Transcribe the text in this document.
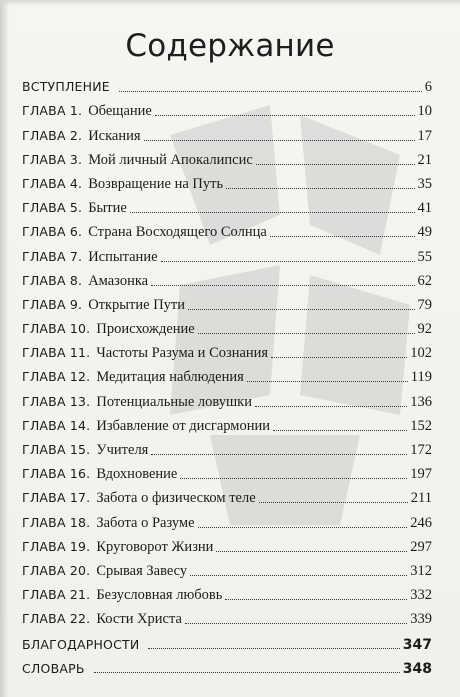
Содержание
ВСТУПЛЕНИЕ	6
ГЛАВА 1. Обещание	10
ГЛАВА 2. Искания	17
ГЛАВА 3. Мой личный Апокалипсис	21
ГЛАВА 4. Возвращение на Путь	35
ГЛАВА 5. Бытие	41
ГЛАВА 6. Страна Восходящего Солнца	49
ГЛАВА 7. Испытание	55
ГЛАВА 8. Амазонка	62
ГЛАВА 9. Открытие Пути	79
ГЛАВА 10. Происхождение	92
ГЛАВА 11. Частоты Разума и Сознания	102
ГЛАВА 12. Медитация наблюдения	119
ГЛАВА 13. Потенциальные ловушки	136
ГЛАВА 14. Избавление от дисгармонии	152
ГЛАВА 15. Учителя	172
ГЛАВА 16. Вдохновение	197
ГЛАВА 17. Забота о физическом теле	211
ГЛАВА 18. Забота о Разуме	246
ГЛАВА 19. Круговорот Жизни	297
ГЛАВА 20. Срывая Завесу	312
ГЛАВА 21. Безусловная любовь	332
ГЛАВА 22. Кости Христа	339
БЛАГОДАРНОСТИ	347
СЛОВАРЬ	348
